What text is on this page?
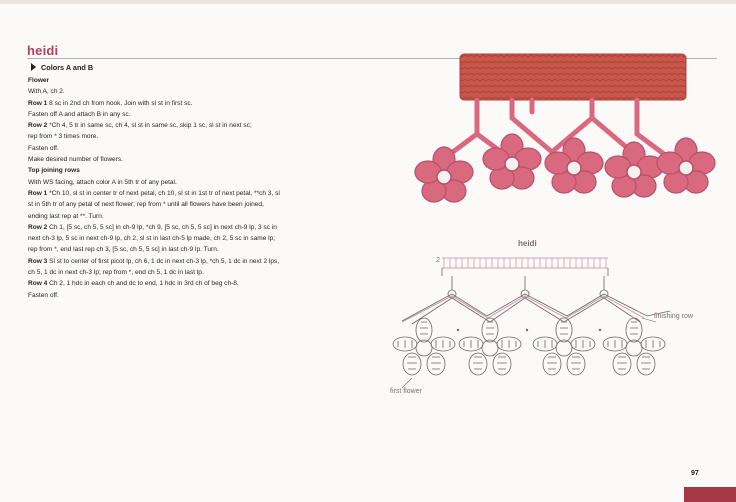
heidi
Colors A and B

Flower

With A, ch 2.

Row 1 8 sc in 2nd ch from hook. Join with sl st in first sc.

Fasten off A and attach B in any sc.

Row 2 *Ch 4, 5 tr in same sc, ch 4, sl st in same sc, skip 1 sc, sl st in next sc;

rep from * 3 times more.

Fasten off.

Make desired number of flowers.

Top joining rows

With WS facing, attach color A in 5th tr of any petal.

Row 1 *Ch 10, sl st in center tr of next petal, ch 10, sl st in 1st tr of next petal, **ch 3, sl

st in 5th tr of any petal of next flower; rep from * until all flowers have been joined,

ending last rep at **. Turn.

Row 2 Ch 1, [5 sc, ch 5, 5 sc] in ch-9 lp, *ch 9, [5 sc, ch 5, 5 sc] in next ch-9 lp, 3 sc in

next ch-3 lp, 5 sc in next ch-9 lp, ch 2, sl st in last ch-5 lp made, ch 2, 5 sc in same lp;

rep from *, end last rep ch 3, [5 sc, ch 5, 5 sc] in last ch-9 lp. Turn.

Row 3 Sl st to center of first picot lp, ch 6, 1 dc in next ch-3 lp, *ch 5, 1 dc in next 2 lps,

ch 5, 1 dc in next ch-3 lp; rep from *, end ch 5, 1 dc in last lp.

Row 4 Ch 2, 1 hdc in each ch and dc to end, 1 hdc in 3rd ch of beg ch-8.

Fasten off.

heidi
2
finishing row
first flower
97
